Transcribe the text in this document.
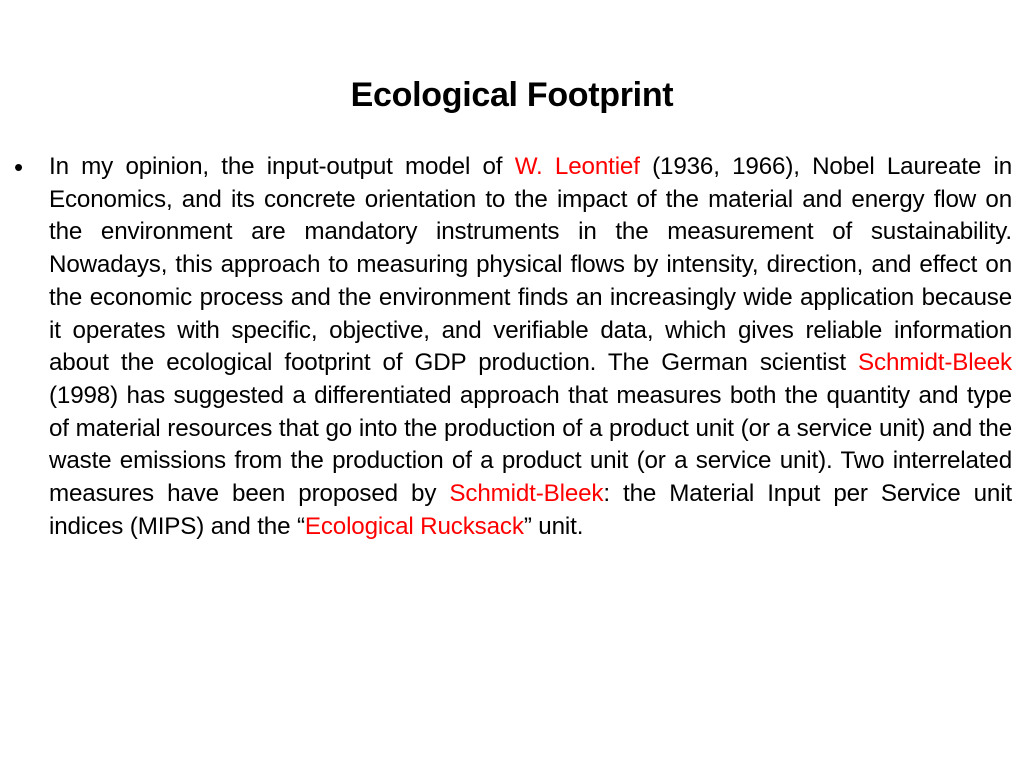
Ecological Footprint
•	In my opinion, the input-output model of W. Leontief (1936, 1966), Nobel Laureate in Economics, and its concrete orientation to the impact of the material and energy flow on the environment are mandatory instruments in the measurement of sustainability. Nowadays, this approach to measuring physical flows by intensity, direction, and effect on the economic process and the environment finds an increasingly wide application because it operates with specific, objective, and verifiable data, which gives reliable information about the ecological footprint of GDP production. The German scientist Schmidt-Bleek (1998) has suggested a differentiated approach that measures both the quantity and type of material resources that go into the production of a product unit (or a service unit) and the waste emissions from the production of a product unit (or a service unit). Two interrelated measures have been proposed by Schmidt-Bleek: the Material Input per Service unit indices (MIPS) and the “Ecological Rucksack” unit.
